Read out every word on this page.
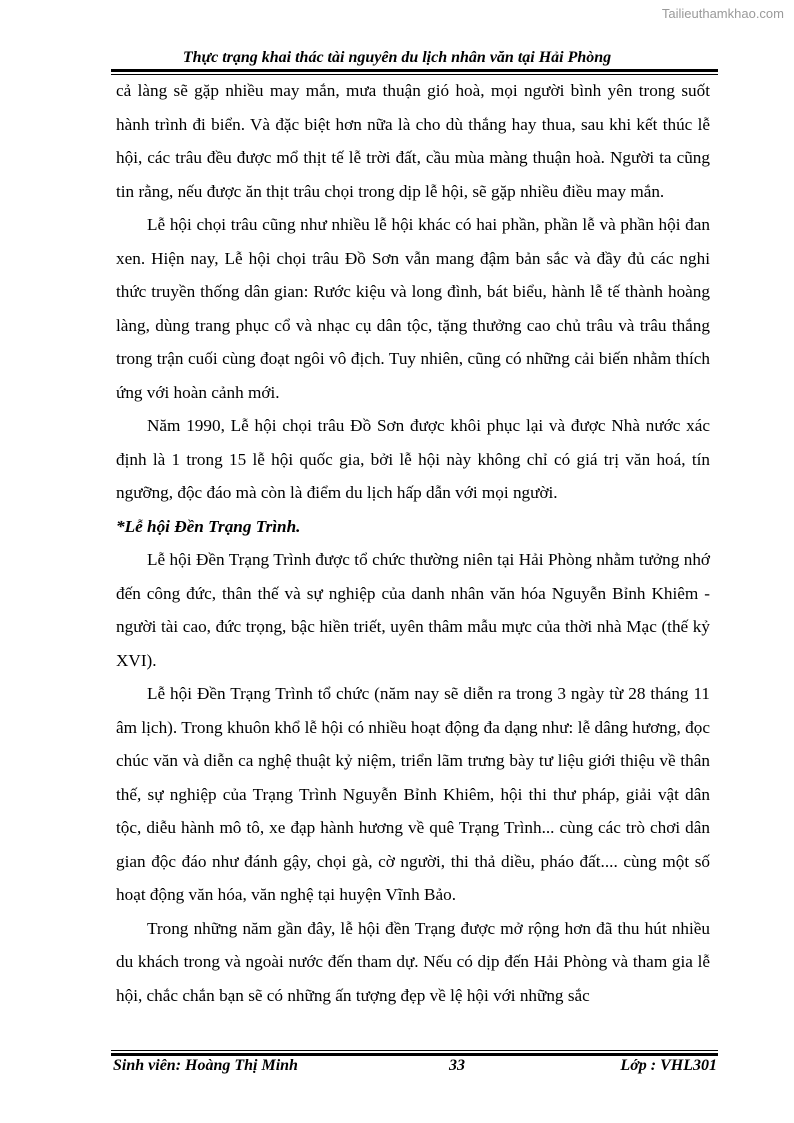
Tailieuthamkhao.com
Thực trạng khai thác tài nguyên du lịch nhân văn tại Hải Phòng

cả làng sẽ gặp nhiều may mắn, mưa thuận gió hoà, mọi người bình yên trong suốt hành trình đi biển. Và đặc biệt hơn nữa là cho dù thắng hay thua, sau khi kết thúc lễ hội, các trâu đều được mổ thịt tế lễ trời đất, cầu mùa màng thuận hoà. Người ta cũng tin rằng, nếu được ăn thịt trâu chọi trong dịp lễ hội, sẽ gặp nhiều điều may mắn.

Lễ hội chọi trâu cũng như nhiều lễ hội khác có hai phần, phần lễ và phần hội đan xen. Hiện nay, Lễ hội chọi trâu Đồ Sơn vẫn mang đậm bản sắc và đầy đủ các nghi thức truyền thống dân gian: Rước kiệu và long đình, bát biểu, hành lễ tế thành hoàng làng, dùng trang phục cổ và nhạc cụ dân tộc, tặng thưởng cao chủ trâu và trâu thắng trong trận cuối cùng đoạt ngôi vô địch. Tuy nhiên, cũng có những cải biến nhằm thích ứng với hoàn cảnh mới.

Năm 1990, Lễ hội chọi trâu Đồ Sơn được khôi phục lại và được Nhà nước xác định là 1 trong 15 lễ hội quốc gia, bởi lễ hội này không chỉ có giá trị văn hoá, tín ngưỡng, độc đáo mà còn là điểm du lịch hấp dẫn với mọi người.

*Lễ hội Đền Trạng Trình.

Lễ hội Đền Trạng Trình được tổ chức thường niên tại Hải Phòng nhằm tưởng nhớ đến công đức, thân thế và sự nghiệp của danh nhân văn hóa Nguyễn Bỉnh Khiêm - người tài cao, đức trọng, bậc hiền triết, uyên thâm mẫu mực của thời nhà Mạc (thế kỷ XVI).

Lễ hội Đền Trạng Trình tổ chức (năm nay sẽ diễn ra trong 3 ngày từ 28 tháng 11 âm lịch). Trong khuôn khổ lễ hội có nhiều hoạt động đa dạng như: lễ dâng hương, đọc chúc văn và diễn ca nghệ thuật kỷ niệm, triển lãm trưng bày tư liệu giới thiệu về thân thế, sự nghiệp của Trạng Trình Nguyễn Bỉnh Khiêm, hội thi thư pháp, giải vật dân tộc, diễu hành mô tô, xe đạp hành hương về quê Trạng Trình... cùng các trò chơi dân gian độc đáo như đánh gậy, chọi gà, cờ người, thi thả diều, pháo đất.... cùng một số hoạt động văn hóa, văn nghệ tại huyện Vĩnh Bảo.

Trong những năm gần đây, lễ hội đền Trạng được mở rộng hơn đã thu hút nhiều du khách trong và ngoài nước đến tham dự. Nếu có dịp đến Hải Phòng và tham gia lễ hội, chắc chắn bạn sẽ có những ấn tượng đẹp về lệ hội với những sắc

Sinh viên: Hoàng Thị Minh	33	Lớp : VHL301
